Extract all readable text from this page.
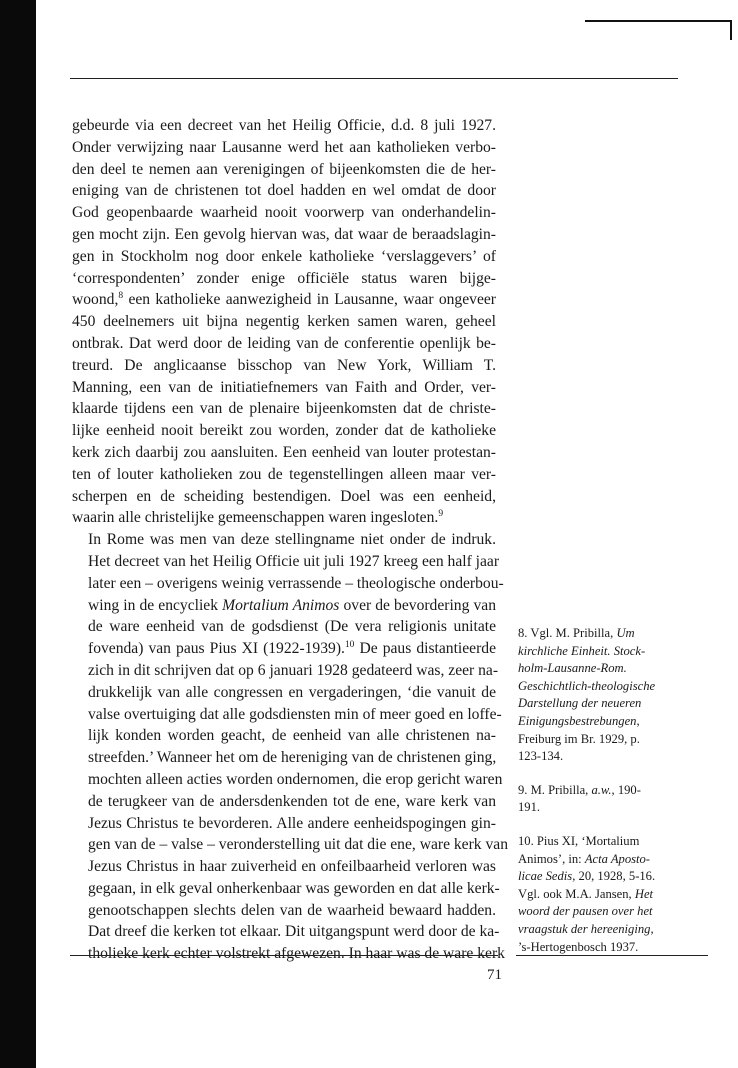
gebeurde via een decreet van het Heilig Officie, d.d. 8 juli 1927.
Onder verwijzing naar Lausanne werd het aan katholieken verbo-
den deel te nemen aan verenigingen of bijeenkomsten die de her-
eniging van de christenen tot doel hadden en wel omdat de door
God geopenbaarde waarheid nooit voorwerp van onderhandelin-
gen mocht zijn. Een gevolg hiervan was, dat waar de beraadslagin-
gen in Stockholm nog door enkele katholieke ‘verslaggevers’ of
‘correspondenten’ zonder enige officiële status waren bijge-
woond,$^8$ een katholieke aanwezigheid in Lausanne, waar ongeveer
450 deelnemers uit bijna negentig kerken samen waren, geheel
ontbrak. Dat werd door de leiding van de conferentie openlijk be-
treurd. De anglicaanse bisschop van New York, William T.
Manning, een van de initiatiefnemers van Faith and Order, ver-
klaarde tijdens een van de plenaire bijeenkomsten dat de christe-
lijke eenheid nooit bereikt zou worden, zonder dat de katholieke
kerk zich daarbij zou aansluiten. Een eenheid van louter protestan-
ten of louter katholieken zou de tegenstellingen alleen maar ver-
scherpen en de scheiding bestendigen. Doel was een eenheid,
waarin alle christelijke gemeenschappen waren ingesloten.$^9$

In Rome was men van deze stellingname niet onder de indruk.
Het decreet van het Heilig Officie uit juli 1927 kreeg een half jaar
later een – overigens weinig verrassende – theologische onderbou-
wing in de encycliek Mortalium Animos over de bevordering van
de ware eenheid van de godsdienst (De vera religionis unitate
fovenda) van paus Pius XI (1922-1939).$^{10}$ De paus distantieerde
zich in dit schrijven dat op 6 januari 1928 gedateerd was, zeer na-
drukkelijk van alle congressen en vergaderingen, ‘die vanuit de
valse overtuiging dat alle godsdiensten min of meer goed en loffe-
lijk konden worden geacht, de eenheid van alle christenen na-
streefden.’ Wanneer het om de hereniging van de christenen ging,
mochten alleen acties worden ondernomen, die erop gericht waren
de terugkeer van de andersdenkenden tot de ene, ware kerk van
Jezus Christus te bevorderen. Alle andere eenheidspogingen gin-
gen van de – valse – veronderstelling uit dat die ene, ware kerk van
Jezus Christus in haar zuiverheid en onfeilbaarheid verloren was
gegaan, in elk geval onherkenbaar was geworden en dat alle kerk-
genootschappen slechts delen van de waarheid bewaard hadden.
Dat dreef die kerken tot elkaar. Dit uitgangspunt werd door de ka-
tholieke kerk echter volstrekt afgewezen. In haar was de ware kerk

8. Vgl. M. Pribilla, Um
kirchliche Einheit. Stock-
holm-Lausanne-Rom.
Geschichtlich-theologische
Darstellung der neueren
Einigungsbestrebungen,
Freiburg im Br. 1929, p.
123-134.
9. M. Pribilla, a.w., 190-
191.
10. Pius XI, ‘Mortalium
Animos’, in: Acta Aposto-
licae Sedis, 20, 1928, 5-16.
Vgl. ook M.A. Jansen, Het
woord der pausen over het
vraagstuk der hereeniging,
’s-Hertogenbosch 1937.
71
